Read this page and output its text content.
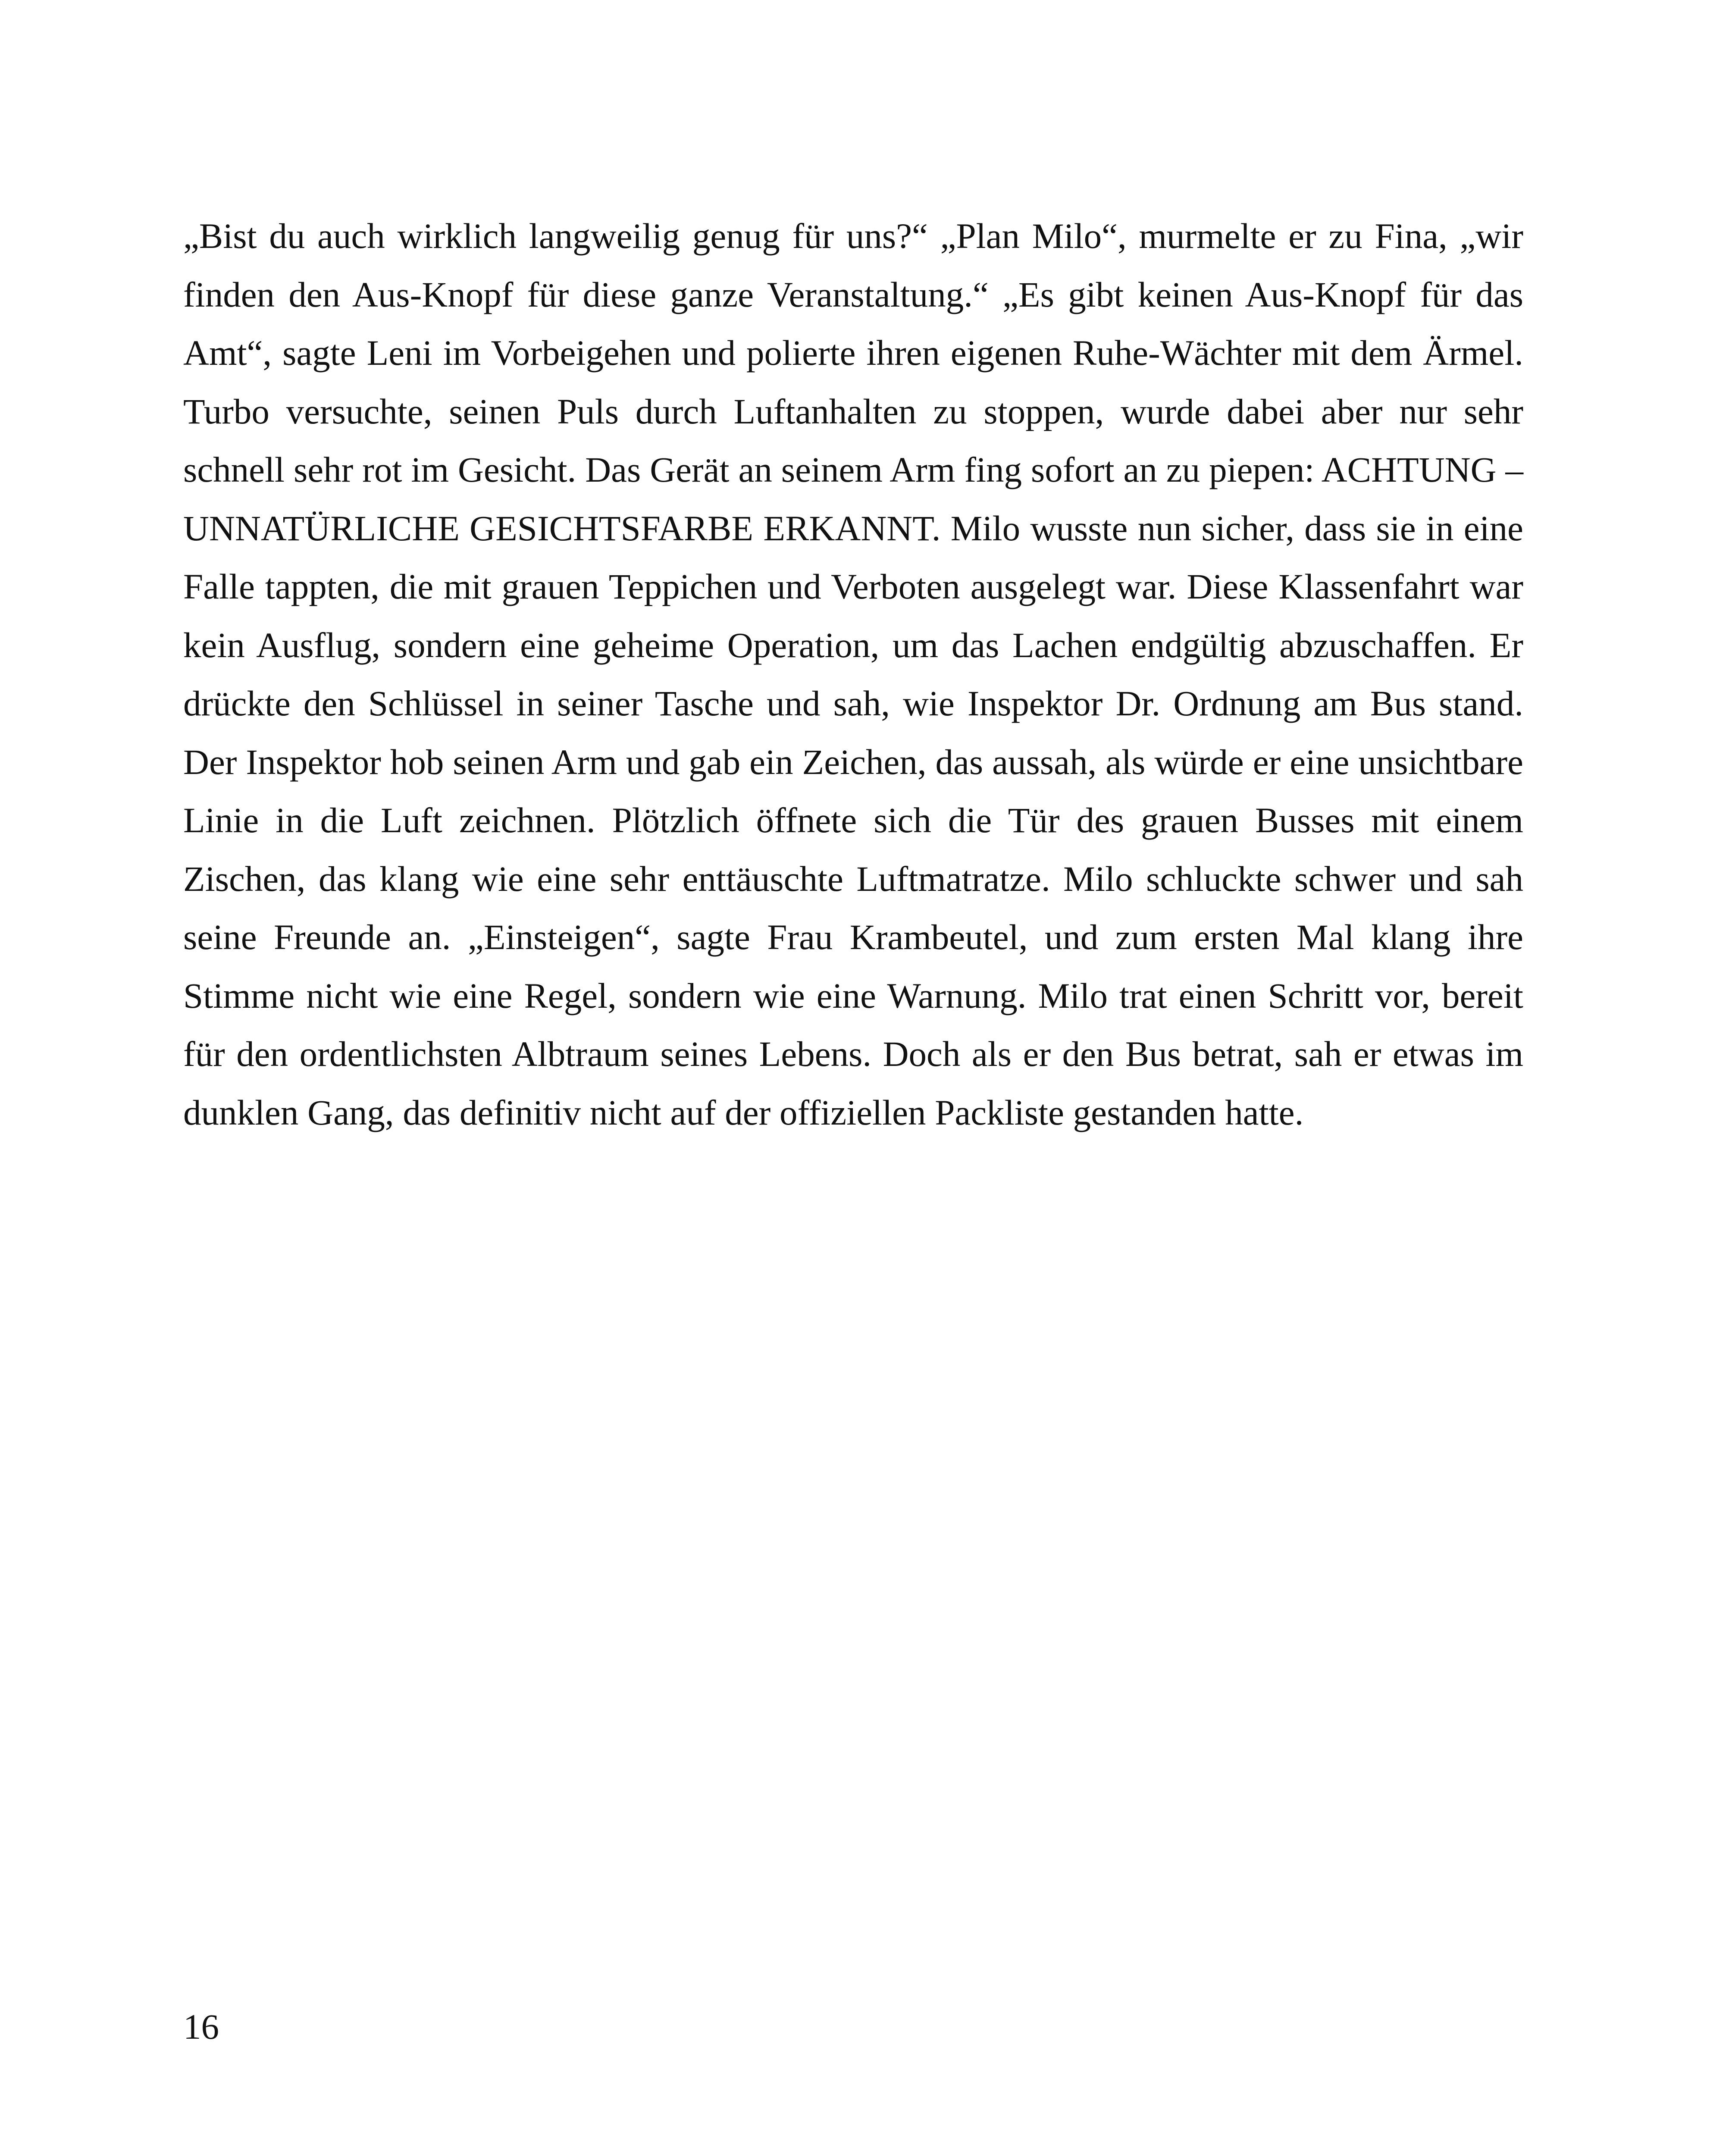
„Bist du auch wirklich langweilig genug für uns?“ „Plan Milo“, murmelte er zu Fina, „wir finden den Aus-Knopf für diese ganze Veranstaltung.“ „Es gibt keinen Aus-Knopf für das Amt“, sagte Leni im Vorbeigehen und polierte ihren eigenen Ruhe-Wächter mit dem Ärmel. Turbo versuchte, seinen Puls durch Luftanhalten zu stoppen, wurde dabei aber nur sehr schnell sehr rot im Gesicht. Das Gerät an seinem Arm fing sofort an zu piepen: ACHTUNG – UNNATÜRLICHE GESICHTSFARBE ERKANNT. Milo wusste nun sicher, dass sie in eine Falle tappten, die mit grauen Teppichen und Verboten ausgelegt war. Diese Klassenfahrt war kein Ausflug, sondern eine geheime Operation, um das Lachen endgültig abzuschaffen. Er drückte den Schlüssel in seiner Tasche und sah, wie Inspektor Dr. Ordnung am Bus stand. Der Inspektor hob seinen Arm und gab ein Zeichen, das aussah, als würde er eine unsichtbare Linie in die Luft zeichnen. Plötzlich öffnete sich die Tür des grauen Busses mit einem Zischen, das klang wie eine sehr enttäuschte Luftmatratze. Milo schluckte schwer und sah seine Freunde an. „Einsteigen“, sagte Frau Krambeutel, und zum ersten Mal klang ihre Stimme nicht wie eine Regel, sondern wie eine Warnung. Milo trat einen Schritt vor, bereit für den ordentlichsten Albtraum seines Lebens. Doch als er den Bus betrat, sah er etwas im dunklen Gang, das definitiv nicht auf der offiziellen Packliste gestanden hatte.

16
